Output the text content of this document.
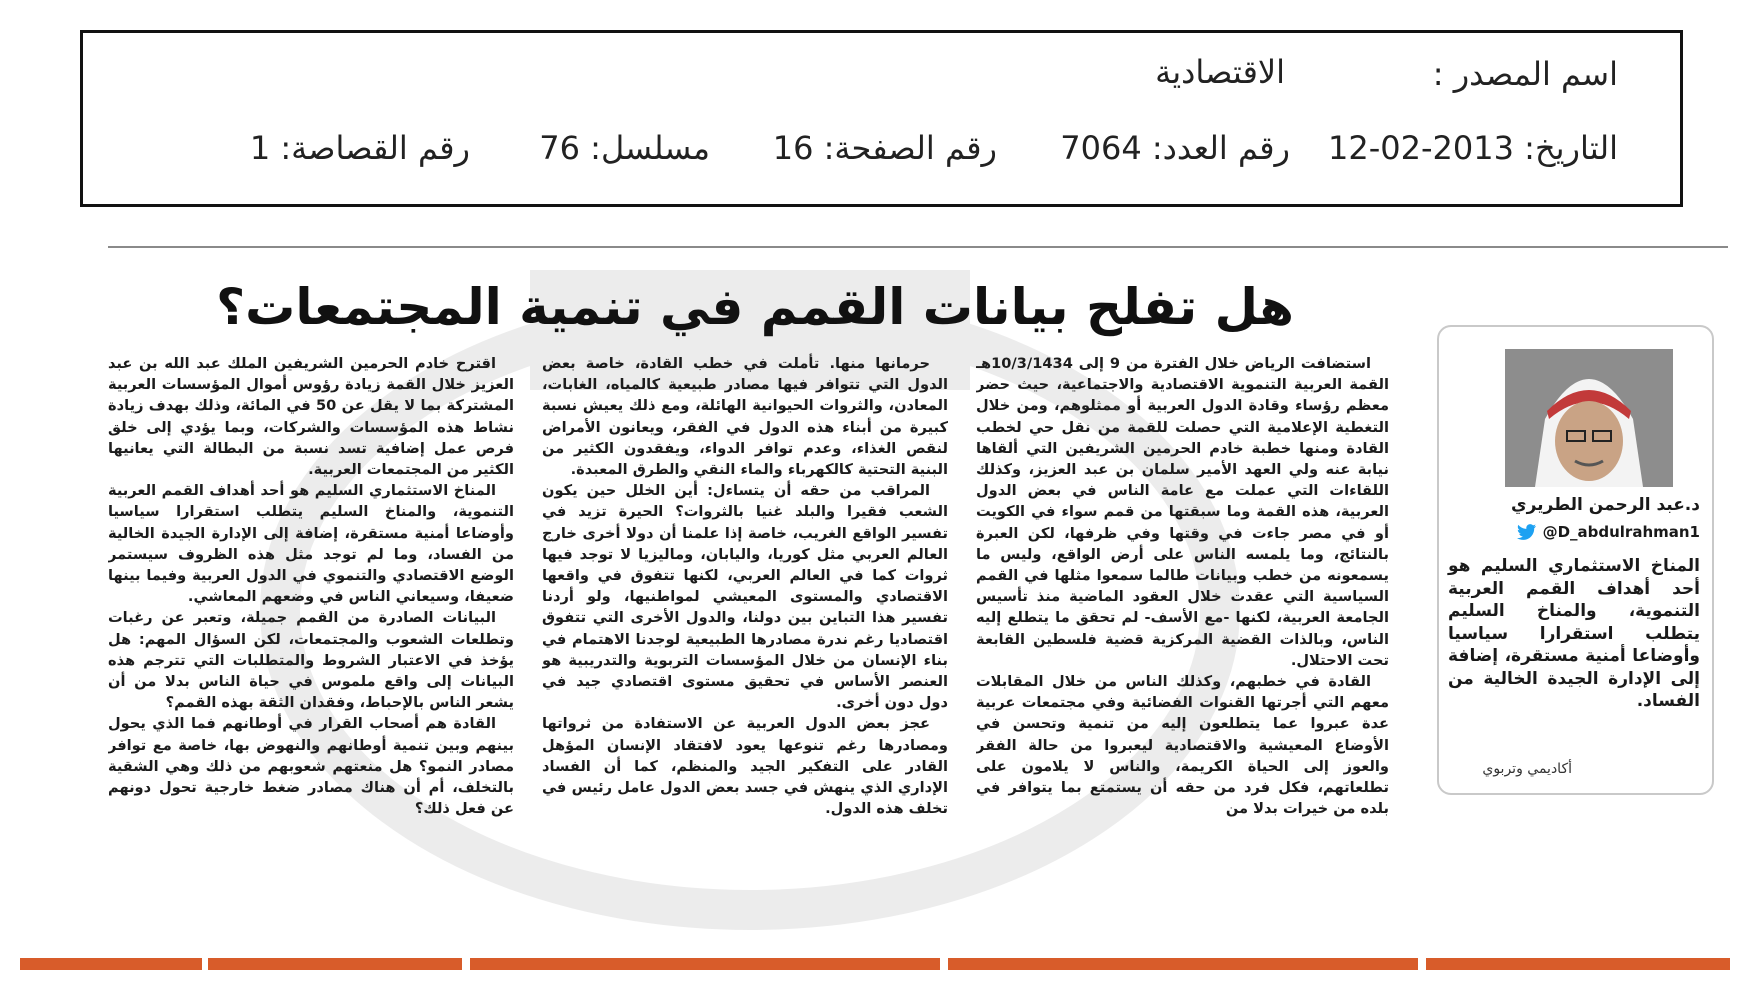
اسم المصدر :
الاقتصادية
التاريخ: 2013-02-12
رقم العدد: 7064
رقم الصفحة: 16
مسلسل: 76
رقم القصاصة: 1
هل تفلح بيانات القمم في تنمية المجتمعات؟
د.عبد الرحمن الطريري
@D_abdulrahman1
المناخ الاستثماري السليم هو أحد أهداف القمم العربية التنموية، والمناخ السليم يتطلب استقرارا سياسيا وأوضاعا أمنية مستقرة، إضافة إلى الإدارة الجيدة الخالية من الفساد.
أكاديمي وتربوي

استضافت الرياض خلال الفترة من 9 إلى 10/3/1434هـ القمة العربية التنموية الاقتصادية والاجتماعية، حيث حضر معظم رؤساء وقادة الدول العربية أو ممثلوهم، ومن خلال التغطية الإعلامية التي حصلت للقمة من نقل حي لخطب القادة ومنها خطبة خادم الحرمين الشريفين التي ألقاها نيابة عنه ولي العهد الأمير سلمان بن عبد العزيز، وكذلك اللقاءات التي عملت مع عامة الناس في بعض الدول العربية، هذه القمة وما سبقتها من قمم سواء في الكويت أو في مصر جاءت في وقتها وفي ظرفها، لكن العبرة بالنتائج، وما يلمسه الناس على أرض الواقع، وليس ما يسمعونه من خطب وبيانات طالما سمعوا مثلها في القمم السياسية التي عقدت خلال العقود الماضية منذ تأسيس الجامعة العربية، لكنها -مع الأسف- لم تحقق ما يتطلع إليه الناس، وبالذات القضية المركزية قضية فلسطين القابعة تحت الاحتلال.

القادة في خطبهم، وكذلك الناس من خلال المقابلات معهم التي أجرتها القنوات الفضائية وفي مجتمعات عربية عدة عبروا عما يتطلعون إليه من تنمية وتحسن في الأوضاع المعيشية والاقتصادية ليعبروا من حالة الفقر والعوز إلى الحياة الكريمة، والناس لا يلامون على تطلعاتهم، فكل فرد من حقه أن يستمتع بما يتوافر في بلده من خيرات بدلا من

حرمانها منها. تأملت في خطب القادة، خاصة بعض الدول التي تتوافر فيها مصادر طبيعية كالمياه، الغابات، المعادن، والثروات الحيوانية الهائلة، ومع ذلك يعيش نسبة كبيرة من أبناء هذه الدول في الفقر، ويعانون الأمراض لنقص الغذاء، وعدم توافر الدواء، ويفقدون الكثير من البنية التحتية كالكهرباء والماء النقي والطرق المعبدة.

المراقب من حقه أن يتساءل: أين الخلل حين يكون الشعب فقيرا والبلد غنيا بالثروات؟ الحيرة تزيد في تفسير الواقع الغريب، خاصة إذا علمنا أن دولا أخرى خارج العالم العربي مثل كوريا، واليابان، وماليزيا لا توجد فيها ثروات كما في العالم العربي، لكنها تتفوق في واقعها الاقتصادي والمستوى المعيشي لمواطنيها، ولو أردنا تفسير هذا التباين بين دولنا، والدول الأخرى التي تتفوق اقتصاديا رغم ندرة مصادرها الطبيعية لوجدنا الاهتمام في بناء الإنسان من خلال المؤسسات التربوية والتدريبية هو العنصر الأساس في تحقيق مستوى اقتصادي جيد في دول دون أخرى.

عجز بعض الدول العربية عن الاستفادة من ثرواتها ومصادرها رغم تنوعها يعود لافتقاد الإنسان المؤهل القادر على التفكير الجيد والمنظم، كما أن الفساد الإداري الذي ينهش في جسد بعض الدول عامل رئيس في تخلف هذه الدول.

اقترح خادم الحرمين الشريفين الملك عبد الله بن عبد العزيز خلال القمة زيادة رؤوس أموال المؤسسات العربية المشتركة بما لا يقل عن 50 في المائة، وذلك بهدف زيادة نشاط هذه المؤسسات والشركات، وبما يؤدي إلى خلق فرص عمل إضافية تسد نسبة من البطالة التي يعانيها الكثير من المجتمعات العربية.

المناخ الاستثماري السليم هو أحد أهداف القمم العربية التنموية، والمناخ السليم يتطلب استقرارا سياسيا وأوضاعا أمنية مستقرة، إضافة إلى الإدارة الجيدة الخالية من الفساد، وما لم توجد مثل هذه الظروف سيستمر الوضع الاقتصادي والتنموي في الدول العربية وفيما بينها ضعيفا، وسيعاني الناس في وضعهم المعاشي.

البيانات الصادرة من القمم جميلة، وتعبر عن رغبات وتطلعات الشعوب والمجتمعات، لكن السؤال المهم: هل يؤخذ في الاعتبار الشروط والمتطلبات التي تترجم هذه البيانات إلى واقع ملموس في حياة الناس بدلا من أن يشعر الناس بالإحباط، وفقدان الثقة بهذه القمم؟

القادة هم أصحاب القرار في أوطانهم فما الذي يحول بينهم وبين تنمية أوطانهم والنهوض بها، خاصة مع توافر مصادر النمو؟ هل منعتهم شعوبهم من ذلك وهي الشقية بالتخلف، أم أن هناك مصادر ضغط خارجية تحول دونهم عن فعل ذلك؟
